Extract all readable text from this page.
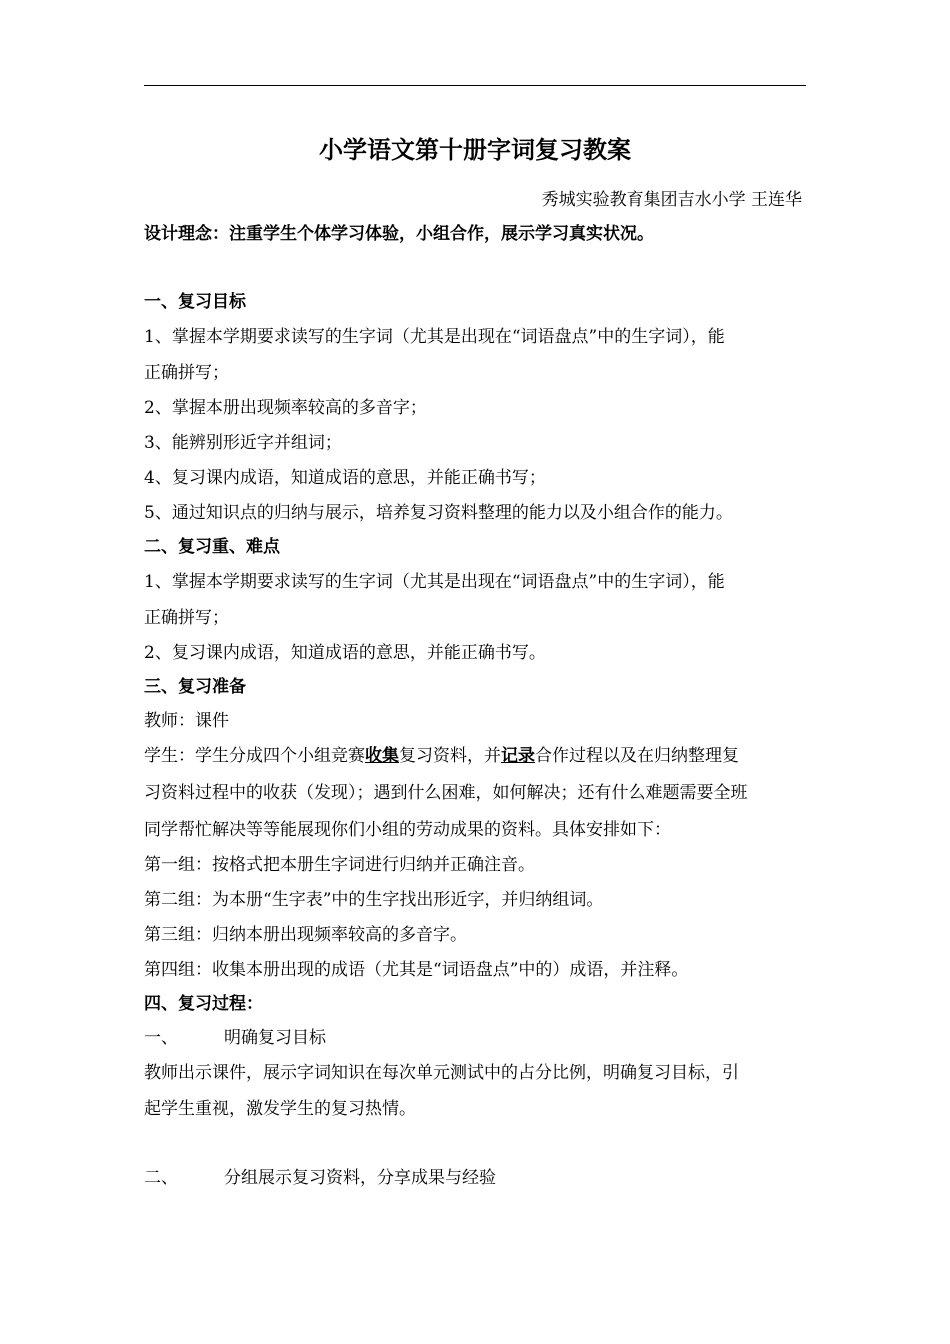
小学语文第十册字词复习教案
秀城实验教育集团吉水小学 王连华
设计理念：注重学生个体学习体验，小组合作，展示学习真实状况。
一、复习目标
1、掌握本学期要求读写的生字词（尤其是出现在“词语盘点”中的生字词），能
正确拼写；
2、掌握本册出现频率较高的多音字；
3、能辨别形近字并组词；
4、复习课内成语，知道成语的意思，并能正确书写；
5、通过知识点的归纳与展示，培养复习资料整理的能力以及小组合作的能力。
二、复习重、难点
1、掌握本学期要求读写的生字词（尤其是出现在“词语盘点”中的生字词），能
正确拼写；
2、复习课内成语，知道成语的意思，并能正确书写。
三、复习准备
教师：课件
学生：学生分成四个小组竞赛收集复习资料，并记录合作过程以及在归纳整理复
习资料过程中的收获（发现）；遇到什么困难，如何解决；还有什么难题需要全班
同学帮忙解决等等能展现你们小组的劳动成果的资料。具体安排如下：
第一组：按格式把本册生字词进行归纳并正确注音。
第二组：为本册“生字表”中的生字找出形近字，并归纳组词。
第三组：归纳本册出现频率较高的多音字。
第四组：收集本册出现的成语（尤其是“词语盘点”中的）成语，并注释。
四、复习过程：
一、	明确复习目标
教师出示课件，展示字词知识在每次单元测试中的占分比例，明确复习目标，引
起学生重视，激发学生的复习热情。
二、	分组展示复习资料，分享成果与经验
